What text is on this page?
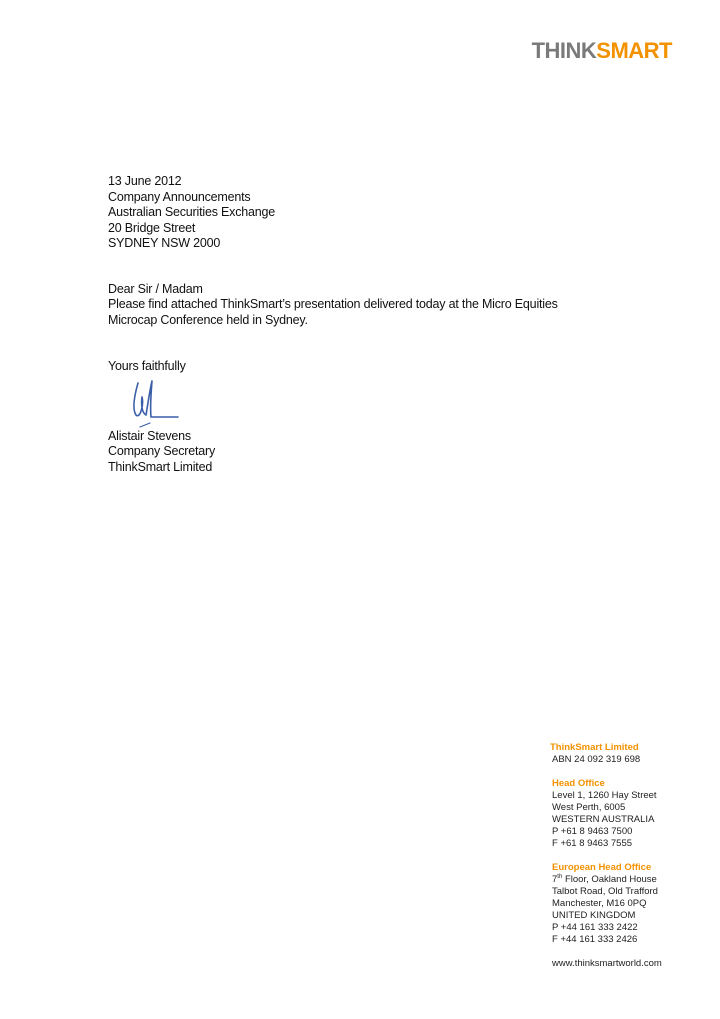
THINKSMART

13 June 2012

Company Announcements

Australian Securities Exchange

20 Bridge Street

SYDNEY NSW 2000

Dear Sir / Madam

Please find attached ThinkSmart’s presentation delivered today at the Micro Equities

Microcap Conference held in Sydney.

Yours faithfully

Alistair Stevens

Company Secretary

ThinkSmart Limited

ThinkSmart Limited
ABN 24 092 319 698
Head Office
Level 1, 1260 Hay Street
West Perth, 6005
WESTERN AUSTRALIA
P +61 8 9463 7500
F +61 8 9463 7555
European Head Office
7th Floor, Oakland House
Talbot Road, Old Trafford
Manchester, M16 0PQ
UNITED KINGDOM
P +44 161 333 2422
F +44 161 333 2426
www.thinksmartworld.com
